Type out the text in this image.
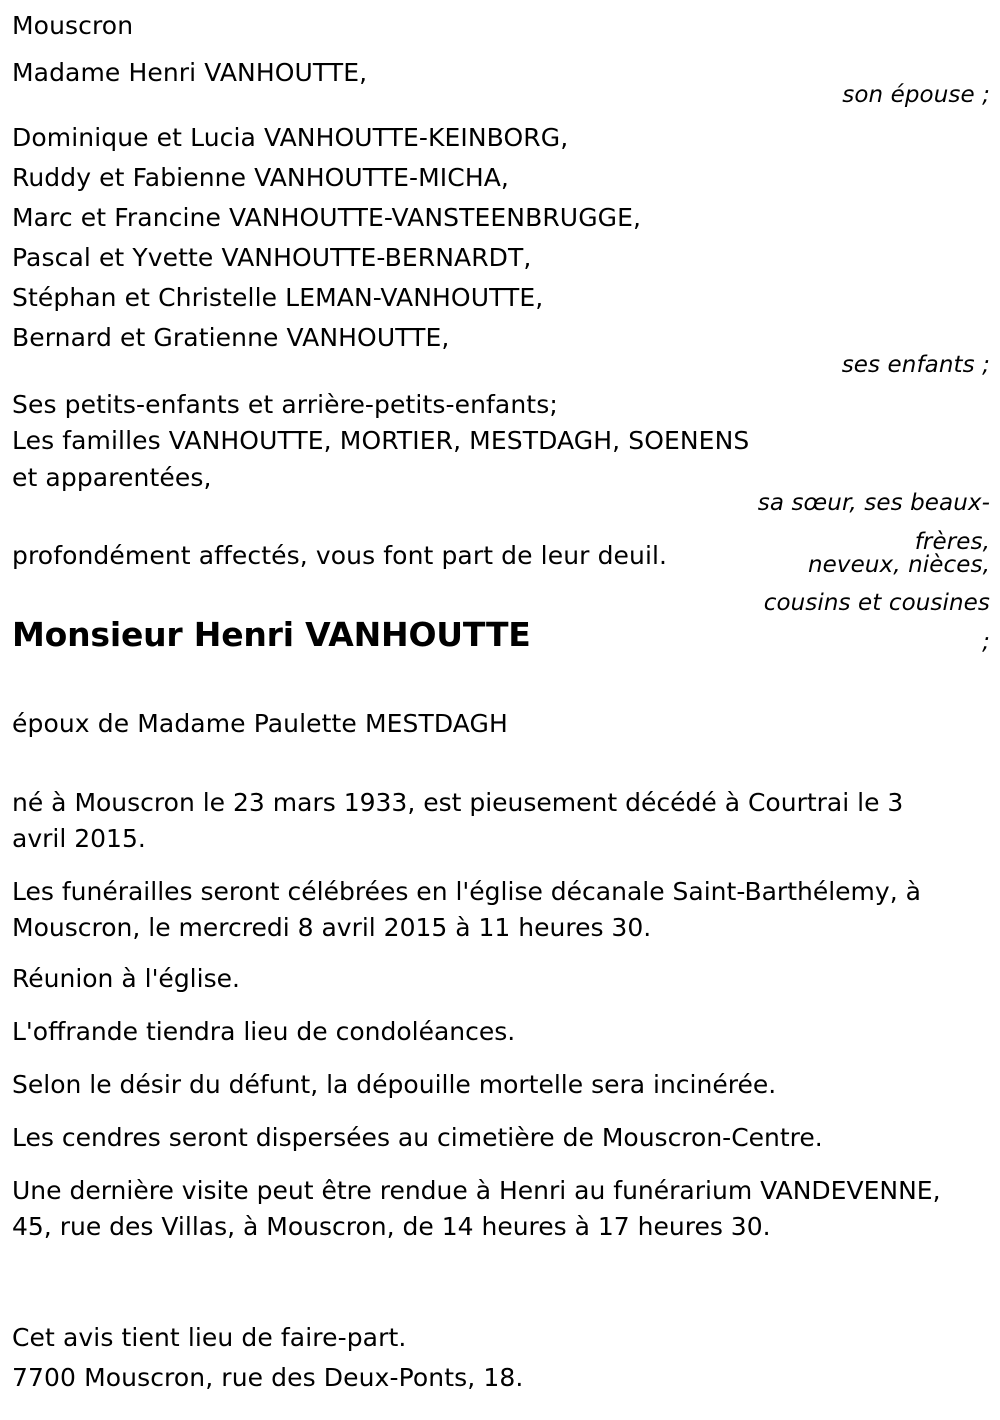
Mouscron
Madame Henri VANHOUTTE,
son épouse ;
Dominique et Lucia VANHOUTTE-KEINBORG,
Ruddy et Fabienne VANHOUTTE-MICHA,
Marc et Francine VANHOUTTE-VANSTEENBRUGGE,
Pascal et Yvette VANHOUTTE-BERNARDT,
Stéphan et Christelle LEMAN-VANHOUTTE,
Bernard et Gratienne VANHOUTTE,
ses enfants ;
Ses petits-enfants et arrière-petits-enfants;
Les familles VANHOUTTE, MORTIER, MESTDAGH, SOENENS
et apparentées,
sa sœur, ses beaux-
frères,
neveux, nièces,
cousins et cousines
;
profondément affectés, vous font part de leur deuil.
Monsieur Henri VANHOUTTE
époux de Madame Paulette MESTDAGH
né à Mouscron le 23 mars 1933, est pieusement décédé à Courtrai le 3 avril 2015.
Les funérailles seront célébrées en l'église décanale Saint-Barthélemy, à Mouscron, le mercredi 8 avril 2015 à 11 heures 30.
Réunion à l'église.
L'offrande tiendra lieu de condoléances.
Selon le désir du défunt, la dépouille mortelle sera incinérée.
Les cendres seront dispersées au cimetière de Mouscron-Centre.
Une dernière visite peut être rendue à Henri au funérarium VANDEVENNE, 45, rue des Villas, à Mouscron, de 14 heures à 17 heures 30.
Cet avis tient lieu de faire-part.
7700 Mouscron, rue des Deux-Ponts, 18.
